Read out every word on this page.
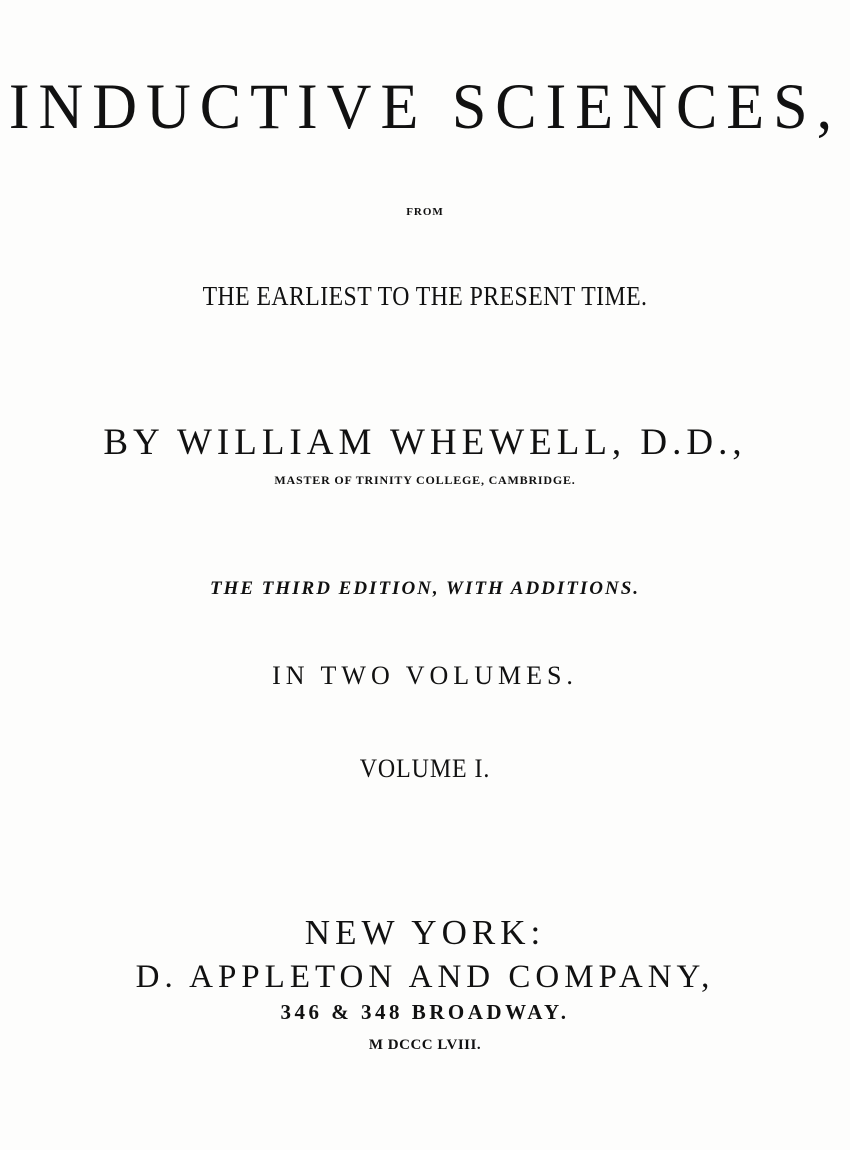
INDUCTIVE SCIENCES,
FROM
THE EARLIEST TO THE PRESENT TIME.
BY WILLIAM WHEWELL, D.D.,
MASTER OF TRINITY COLLEGE, CAMBRIDGE.
THE THIRD EDITION, WITH ADDITIONS.
IN TWO VOLUMES.
VOLUME I.
NEW YORK:
D. APPLETON AND COMPANY,
346 & 348 BROADWAY.
M DCCC LVIII.
